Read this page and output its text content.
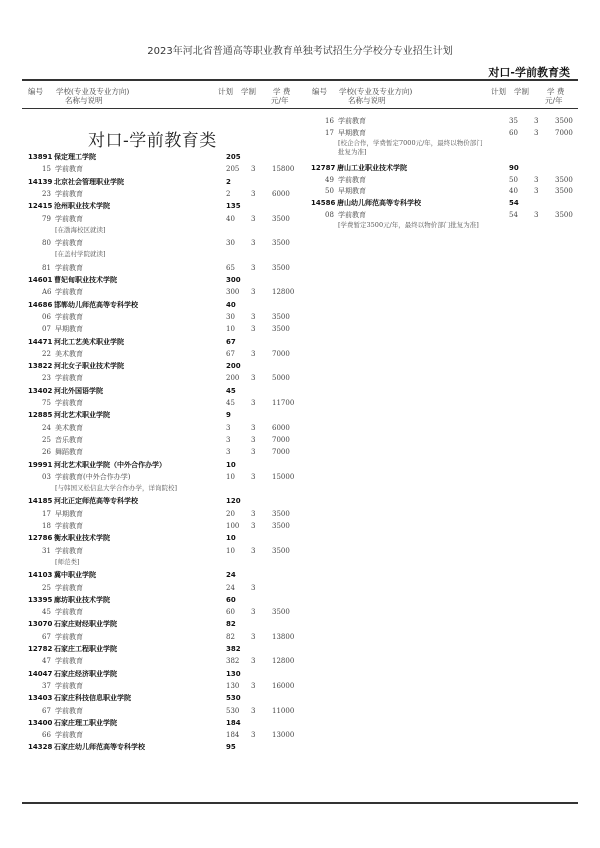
2023年河北省普通高等职业教育单独考试招生分学校分专业招生计划
对口-学前教育类
编号 学校(专业及专业方向)
名称与说明
计划 学制 学 费
元/年
编号 学校(专业及专业方向)
名称与说明
计划 学制 学 费
元/年
对口-学前教育类
13891 保定理工学院	205
15 学前教育	205 3 15800
14139 北京社会管理职业学院	2
23 学前教育	2	3 6000
12415 沧州职业技术学院	135
79 学前教育	40 3 3500
[在渤海校区就读]
80 学前教育	30 3 3500
[在盖村学院就读]
81 学前教育	65 3 3500
14601 曹妃甸职业技术学院	300
A6 学前教育	300 3 12800
14686 邯郸幼儿师范高等专科学校	40
06 学前教育	30 3 3500
07 早期教育	10 3 3500
14471 河北工艺美术职业学院	67
22 美术教育	67 3 7000
13822 河北女子职业技术学院	200
23 学前教育	200 3 5000
13402 河北外国语学院	45
75 学前教育	45 3 11700
12885 河北艺术职业学院	9
24 美术教育	3	3 6000
25 音乐教育	3	3 7000
26 舞蹈教育	3	3 7000
19991 河北艺术职业学院（中外合作办学）	10
03 学前教育(中外合作办学)	10 3 15000
[与韩国又松信息大学合作办学，详询院校]
14185 河北正定师范高等专科学校	120
17 早期教育	20 3 3500
18 学前教育	100 3 3500
12786 衡水职业技术学院	10
31 学前教育	10 3 3500
[师范类]
14103 冀中职业学院	24
25 学前教育	24 3
13395 廊坊职业技术学院	60
45 学前教育	60 3 3500
13070 石家庄财经职业学院	82
67 学前教育	82 3 13800
12782 石家庄工程职业学院	382
47 学前教育	382 3 12800
14047 石家庄经济职业学院	130
37 学前教育	130 3 16000
13403 石家庄科技信息职业学院	530
67 学前教育	530 3 11000
13400 石家庄理工职业学院	184
66 学前教育	184 3 13000
14328 石家庄幼儿师范高等专科学校	95
16 学前教育	35 3 3500
17 早期教育	60 3 7000
[校企合作，学费暂定7000元/年，最终以物价部门批复为准]
12787 唐山工业职业技术学院	90
49 学前教育	50 3 3500
50 早期教育	40 3 3500
14586 唐山幼儿师范高等专科学校	54
08 学前教育	54 3 3500
[学费暂定3500元/年，最终以物价部门批复为准]
